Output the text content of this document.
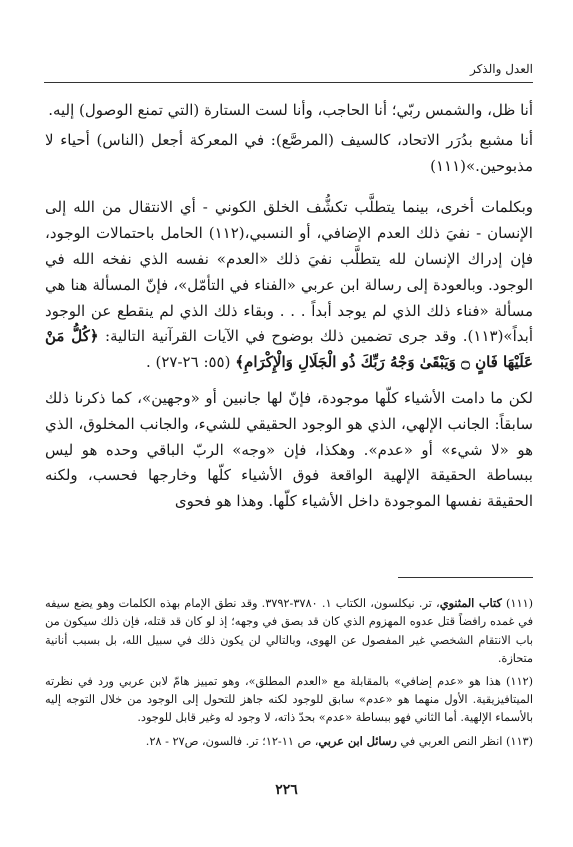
العدل والذكر

أنا ظل، والشمس ربّي؛ أنا الحاجب، وأنا لست الستارة (التي تمنع الوصول) إليه.

أنا مشبع بدُرَر الاتحاد، كالسيف (المرصَّع): في المعركة أجعل (الناس) أحياء لا مذبوحين.»(١١١)

وبكلمات أخرى، بينما يتطلَّب تكشُّف الخلق الكوني - أي الانتقال من الله إلى الإنسان - نفيَ ذلك العدم الإضافي، أو النسبي،(١١٢) الحامل باحتمالات الوجود، فإن إدراك الإنسان لله يتطلَّب نفيَ ذلك «العدم» نفسه الذي نفخه الله في الوجود. وبالعودة إلى رسالة ابن عربي «الفناء في التأمّل»، فإنّ المسألة هنا هي مسألة «فناء ذلك الذي لم يوجد أبداً . . . وبقاء ذلك الذي لم ينقطع عن الوجود أبداً»(١١٣). وقد جرى تضمين ذلك بوضوح في الآيات القرآنية التالية: ﴿كُلُّ مَنْ عَلَيْهَا فَانٍ ۝ وَيَبْقَىٰ وَجْهُ رَبِّكَ ذُو الْجَلَالِ وَالْإِكْرَامِ﴾ (٥٥: ٢٦-٢٧) .

لكن ما دامت الأشياء كلّها موجودة، فإنّ لها جانبين أو «وجهين»، كما ذكرنا ذلك سابقاً: الجانب الإلهي، الذي هو الوجود الحقيقي للشيء، والجانب المخلوق، الذي هو «لا شيء» أو «عدم». وهكذا، فإن «وجه» الربّ الباقي وحده هو ليس ببساطة الحقيقة الإلهية الواقعة فوق الأشياء كلّها وخارجها فحسب، ولكنه الحقيقة نفسها الموجودة داخل الأشياء كلّها. وهذا هو فحوى

(١١١) كتاب المثنوي، تر. نيكلسون، الكتاب ١. ٣٧٨٠-٣٧٩٢. وقد نطق الإمام بهذه الكلمات وهو يضع سيفه في غمده رافضاً قتل عدوه المهزوم الذي كان قد بصق في وجهه؛ إذ لو كان قد قتله، فإن ذلك سيكون من باب الانتقام الشخصي غير المفصول عن الهوى، وبالتالي لن يكون ذلك في سبيل الله، بل بسبب أنانية متحازة.

(١١٢) هذا هو «عدم إضافي» بالمقابلة مع «العدم المطلق»، وهو تمييز هامّ لابن عربي ورد في نظرته الميتافيزيقية. الأول منهما هو «عدم» سابق للوجود لكنه جاهز للتحول إلى الوجود من خلال التوجه إليه بالأسماء الإلهية. أما الثاني فهو ببساطة «عدم» بحدّ ذاته، لا وجود له وغير قابل للوجود.

(١١٣) انظر النص العربي في رسائل ابن عربي، ص ١١-١٢؛ تر. فالسون، ص٢٧ - ٢٨.

٢٢٦
